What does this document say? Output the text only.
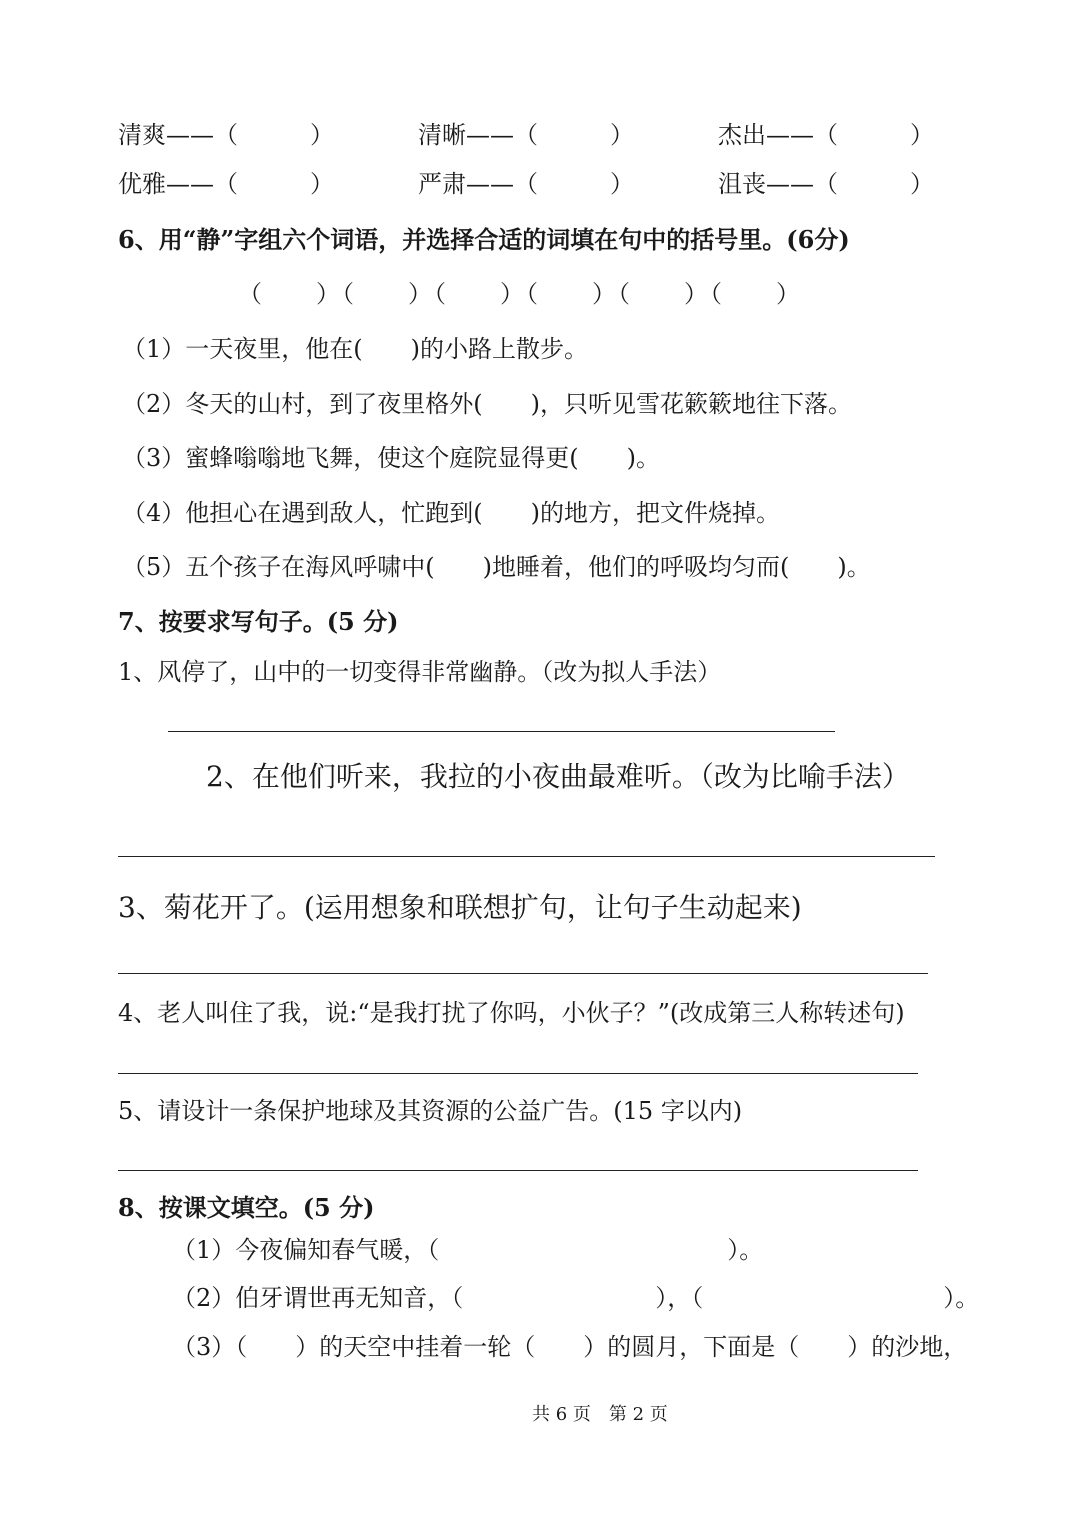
清爽——（　　　）	清晰——（　　　）	杰出——（　　　）
优雅——（　　　）	严肃——（　　　）	沮丧——（　　　）
6、用“静”字组六个词语，并选择合适的词填在句中的括号里。(6分)
（　　）（　　）（　　）（　　）（　　）（　　）
（1）一天夜里，他在(　　)的小路上散步。
（2）冬天的山村，到了夜里格外(　　)，只听见雪花簌簌地往下落。
（3）蜜蜂嗡嗡地飞舞，使这个庭院显得更(　　)。
（4）他担心在遇到敌人，忙跑到(　　)的地方，把文件烧掉。
（5）五个孩子在海风呼啸中(　　)地睡着，他们的呼吸均匀而(　　)。
7、按要求写句子。(5 分)
1、风停了，山中的一切变得非常幽静。（改为拟人手法）
2、在他们听来，我拉的小夜曲最难听。（改为比喻手法）
3、菊花开了。(运用想象和联想扩句，让句子生动起来)
4、老人叫住了我，说:“是我打扰了你吗，小伙子？”(改成第三人称转述句)
5、请设计一条保护地球及其资源的公益广告。(15 字以内)
8、按课文填空。(5 分)
（1）今夜偏知春气暖，（　　　　　　　　　　　　）。
（2）伯牙谓世再无知音，（　　　　　　　　），（　　　　　　　　　　）。
（3）（　　）的天空中挂着一轮（　　）的圆月，下面是（　　）的沙地，
共 6 页　第 2 页
